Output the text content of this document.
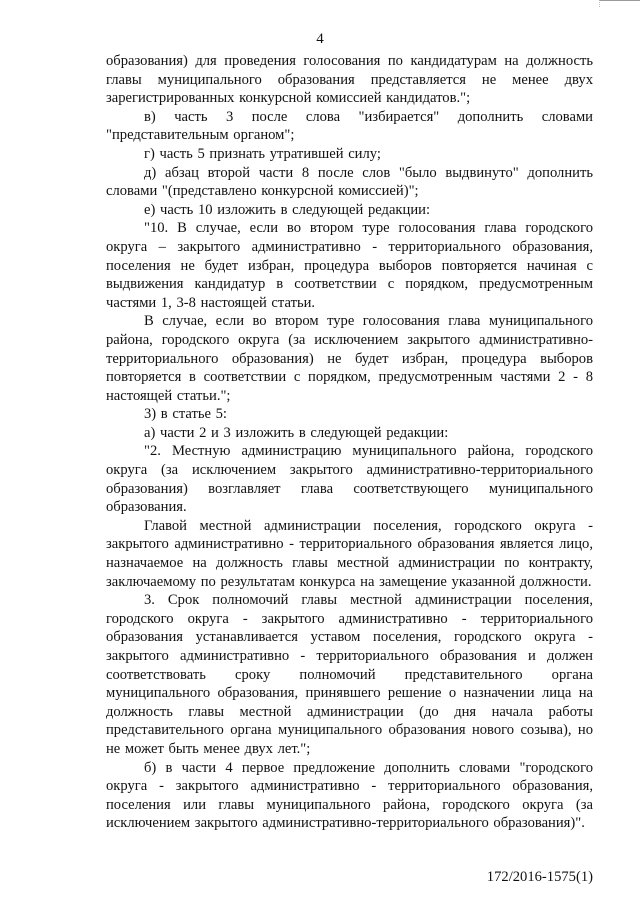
4

образования) для проведения голосования по кандидатурам на должность главы муниципального образования представляется не менее двух зарегистрированных конкурсной комиссией кандидатов.";

в) часть 3 после слова "избирается" дополнить словами "представительным органом";

г) часть 5 признать утратившей силу;

д) абзац второй части 8 после слов "было выдвинуто" дополнить словами "(представлено конкурсной комиссией)";

е) часть 10 изложить в следующей редакции:

"10. В случае, если во втором туре голосования глава городского округа – закрытого административно - территориального образования, поселения не будет избран, процедура выборов повторяется начиная с выдвижения кандидатур в соответствии с порядком, предусмотренным частями 1, 3-8 настоящей статьи.

В случае, если во втором туре голосования глава муниципального района, городского округа (за исключением закрытого административно-территориального образования) не будет избран, процедура выборов повторяется в соответствии с порядком, предусмотренным частями 2 - 8 настоящей статьи.";

3) в статье 5:

а) части 2 и 3 изложить в следующей редакции:

"2. Местную администрацию муниципального района, городского округа (за исключением закрытого административно-территориального образования) возглавляет глава соответствующего муниципального образования.

Главой местной администрации поселения, городского округа - закрытого административно - территориального образования является лицо, назначаемое на должность главы местной администрации по контракту, заключаемому по результатам конкурса на замещение указанной должности.

3. Срок полномочий главы местной администрации поселения, городского округа - закрытого административно - территориального образования устанавливается уставом поселения, городского округа - закрытого административно - территориального образования и должен соответствовать сроку полномочий представительного органа муниципального образования, принявшего решение о назначении лица на должность главы местной администрации (до дня начала работы представительного органа муниципального образования нового созыва), но не может быть менее двух лет.";

б) в части 4 первое предложение дополнить словами "городского округа - закрытого административно - территориального образования, поселения или главы муниципального района, городского округа (за исключением закрытого административно-территориального образования)".

172/2016-1575(1)
